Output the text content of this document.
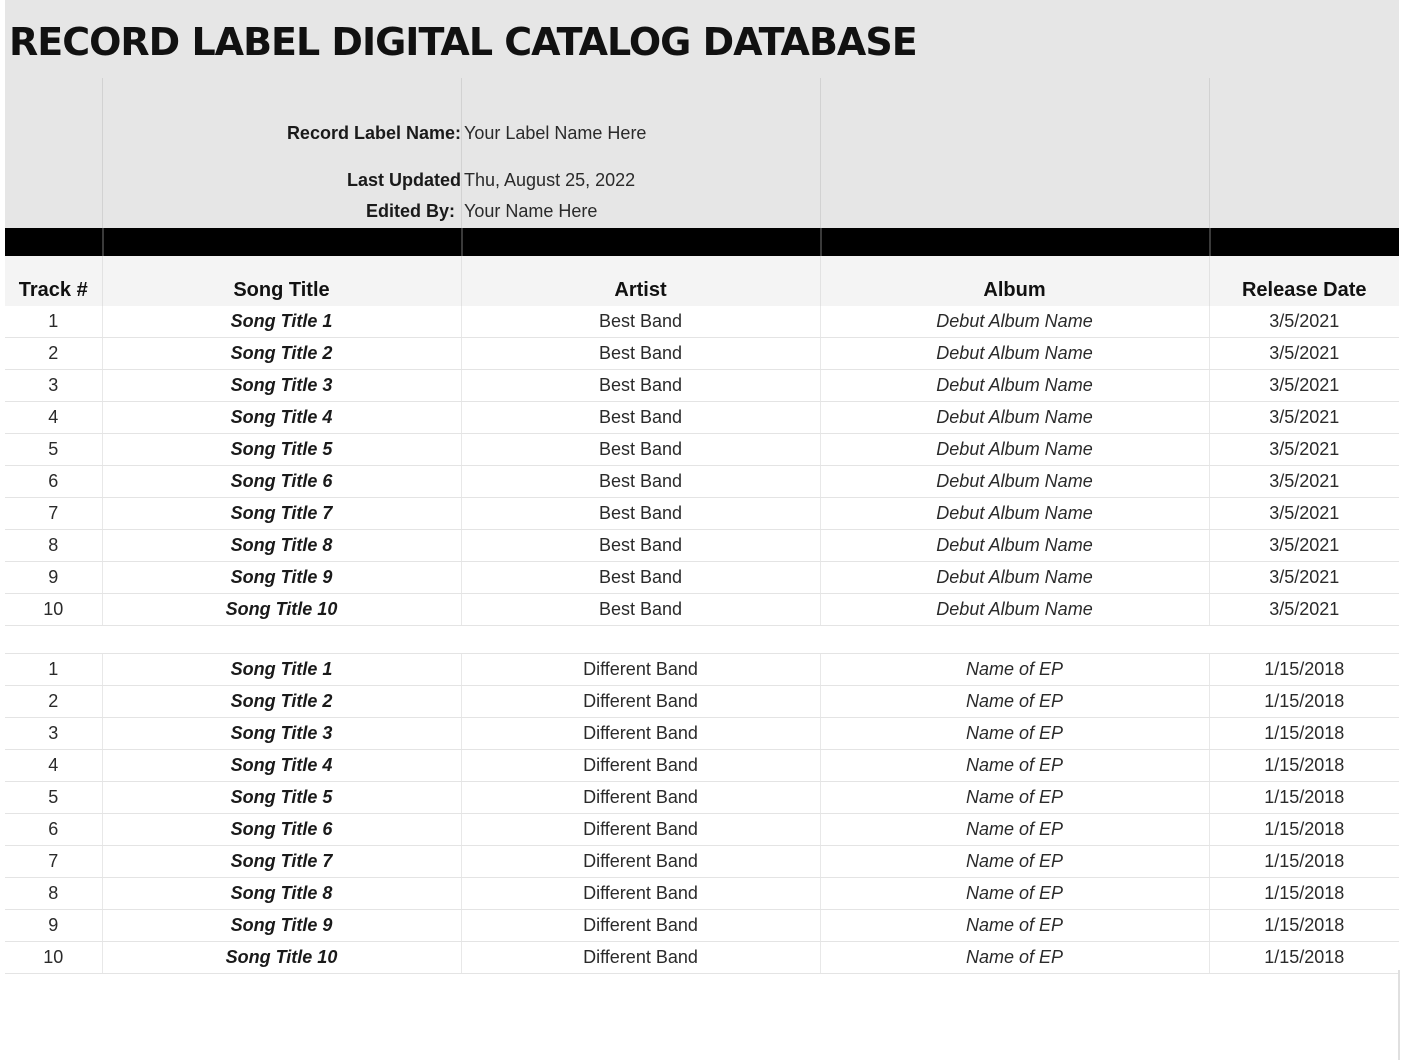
RECORD LABEL DIGITAL CATALOG DATABASE
Record Label Name: Your Label Name Here
Last Updated Thu, August 25, 2022
Edited By: Your Name Here
Track #	Song Title	Artist	Album	Release Date
1	Song Title 1	Best Band	Debut Album Name	3/5/2021
2	Song Title 2	Best Band	Debut Album Name	3/5/2021
3	Song Title 3	Best Band	Debut Album Name	3/5/2021
4	Song Title 4	Best Band	Debut Album Name	3/5/2021
5	Song Title 5	Best Band	Debut Album Name	3/5/2021
6	Song Title 6	Best Band	Debut Album Name	3/5/2021
7	Song Title 7	Best Band	Debut Album Name	3/5/2021
8	Song Title 8	Best Band	Debut Album Name	3/5/2021
9	Song Title 9	Best Band	Debut Album Name	3/5/2021
10	Song Title 10	Best Band	Debut Album Name	3/5/2021

1	Song Title 1	Different Band	Name of EP	1/15/2018
2	Song Title 2	Different Band	Name of EP	1/15/2018
3	Song Title 3	Different Band	Name of EP	1/15/2018
4	Song Title 4	Different Band	Name of EP	1/15/2018
5	Song Title 5	Different Band	Name of EP	1/15/2018
6	Song Title 6	Different Band	Name of EP	1/15/2018
7	Song Title 7	Different Band	Name of EP	1/15/2018
8	Song Title 8	Different Band	Name of EP	1/15/2018
9	Song Title 9	Different Band	Name of EP	1/15/2018
10	Song Title 10	Different Band	Name of EP	1/15/2018
